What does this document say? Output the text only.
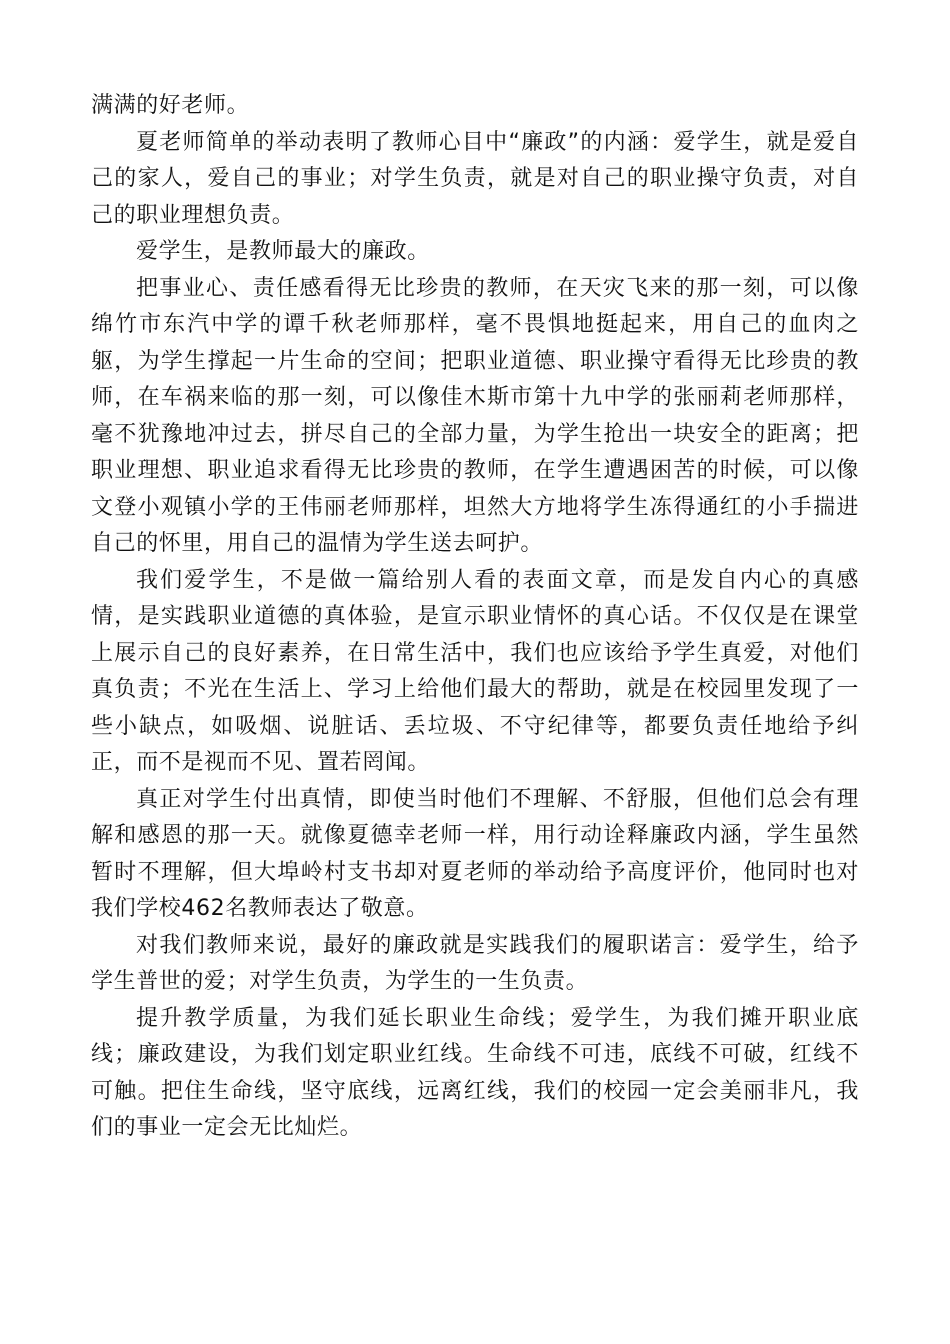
满满的好老师。

夏老师简单的举动表明了教师心目中“廉政”的内涵：爱学生，就是爱自己的家人，爱自己的事业；对学生负责，就是对自己的职业操守负责，对自己的职业理想负责。

爱学生，是教师最大的廉政。

把事业心、责任感看得无比珍贵的教师，在天灾飞来的那一刻，可以像绵竹市东汽中学的谭千秋老师那样，毫不畏惧地挺起来，用自己的血肉之躯，为学生撑起一片生命的空间；把职业道德、职业操守看得无比珍贵的教师，在车祸来临的那一刻，可以像佳木斯市第十九中学的张丽莉老师那样，毫不犹豫地冲过去，拼尽自己的全部力量，为学生抢出一块安全的距离；把职业理想、职业追求看得无比珍贵的教师，在学生遭遇困苦的时候，可以像文登小观镇小学的王伟丽老师那样，坦然大方地将学生冻得通红的小手揣进自己的怀里，用自己的温情为学生送去呵护。

我们爱学生，不是做一篇给别人看的表面文章，而是发自内心的真感情，是实践职业道德的真体验，是宣示职业情怀的真心话。不仅仅是在课堂上展示自己的良好素养，在日常生活中，我们也应该给予学生真爱，对他们真负责；不光在生活上、学习上给他们最大的帮助，就是在校园里发现了一些小缺点，如吸烟、说脏话、丢垃圾、不守纪律等，都要负责任地给予纠正，而不是视而不见、置若罔闻。

真正对学生付出真情，即使当时他们不理解、不舒服，但他们总会有理解和感恩的那一天。就像夏德幸老师一样，用行动诠释廉政内涵，学生虽然暂时不理解，但大埠岭村支书却对夏老师的举动给予高度评价，他同时也对我们学校462名教师表达了敬意。

对我们教师来说，最好的廉政就是实践我们的履职诺言：爱学生，给予学生普世的爱；对学生负责，为学生的一生负责。

提升教学质量，为我们延长职业生命线；爱学生，为我们摊开职业底线；廉政建设，为我们划定职业红线。生命线不可违，底线不可破，红线不可触。把住生命线，坚守底线，远离红线，我们的校园一定会美丽非凡，我们的事业一定会无比灿烂。
